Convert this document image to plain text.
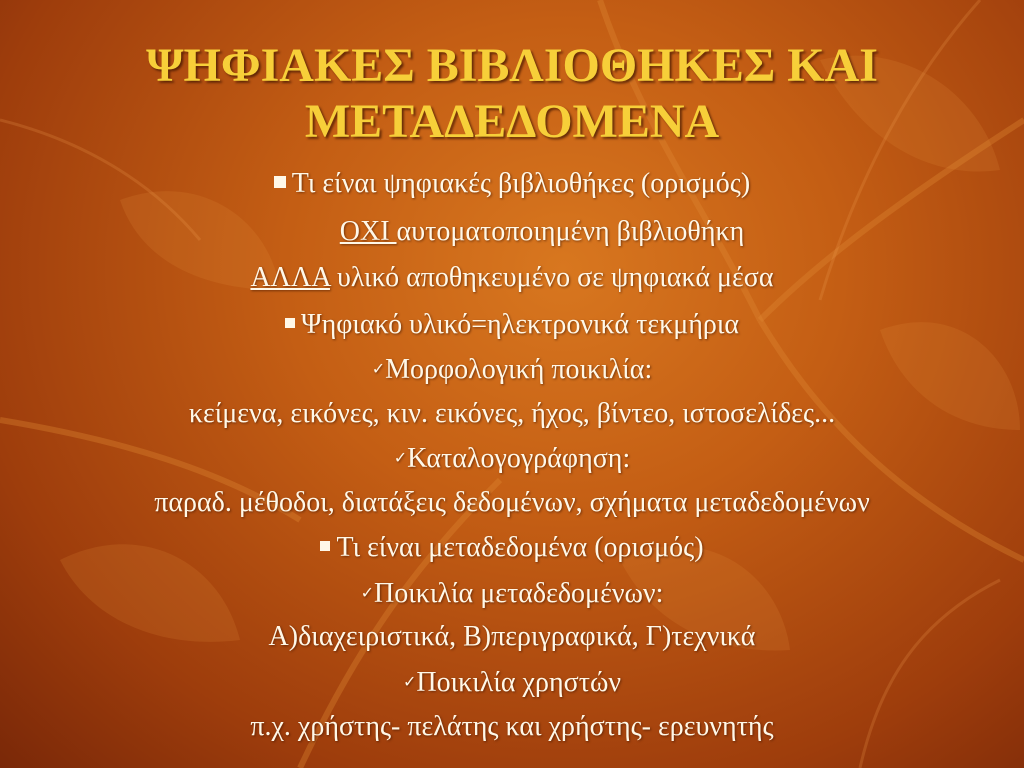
ΨΗΦΙΑΚΕΣ ΒΙΒΛΙΟΘΗΚΕΣ ΚΑΙ
ΜΕΤΑΔΕΔΟΜΕΝΑ
Τι είναι ψηφιακές βιβλιοθήκες (ορισμός)
ΟΧΙ αυτοματοποιημένη βιβλιοθήκη
ΑΛΛΑ υλικό αποθηκευμένο σε ψηφιακά μέσα
Ψηφιακό υλικό=ηλεκτρονικά τεκμήρια
✓Μορφολογική ποικιλία:
κείμενα, εικόνες, κιν. εικόνες, ήχος, βίντεο, ιστοσελίδες...
✓Καταλογογράφηση:
παραδ. μέθοδοι, διατάξεις δεδομένων, σχήματα μεταδεδομένων
Τι είναι μεταδεδομένα (ορισμός)
✓Ποικιλία μεταδεδομένων:
Α)διαχειριστικά, Β)περιγραφικά, Γ)τεχνικά
✓Ποικιλία χρηστών
π.χ. χρήστης- πελάτης και χρήστης- ερευνητής
